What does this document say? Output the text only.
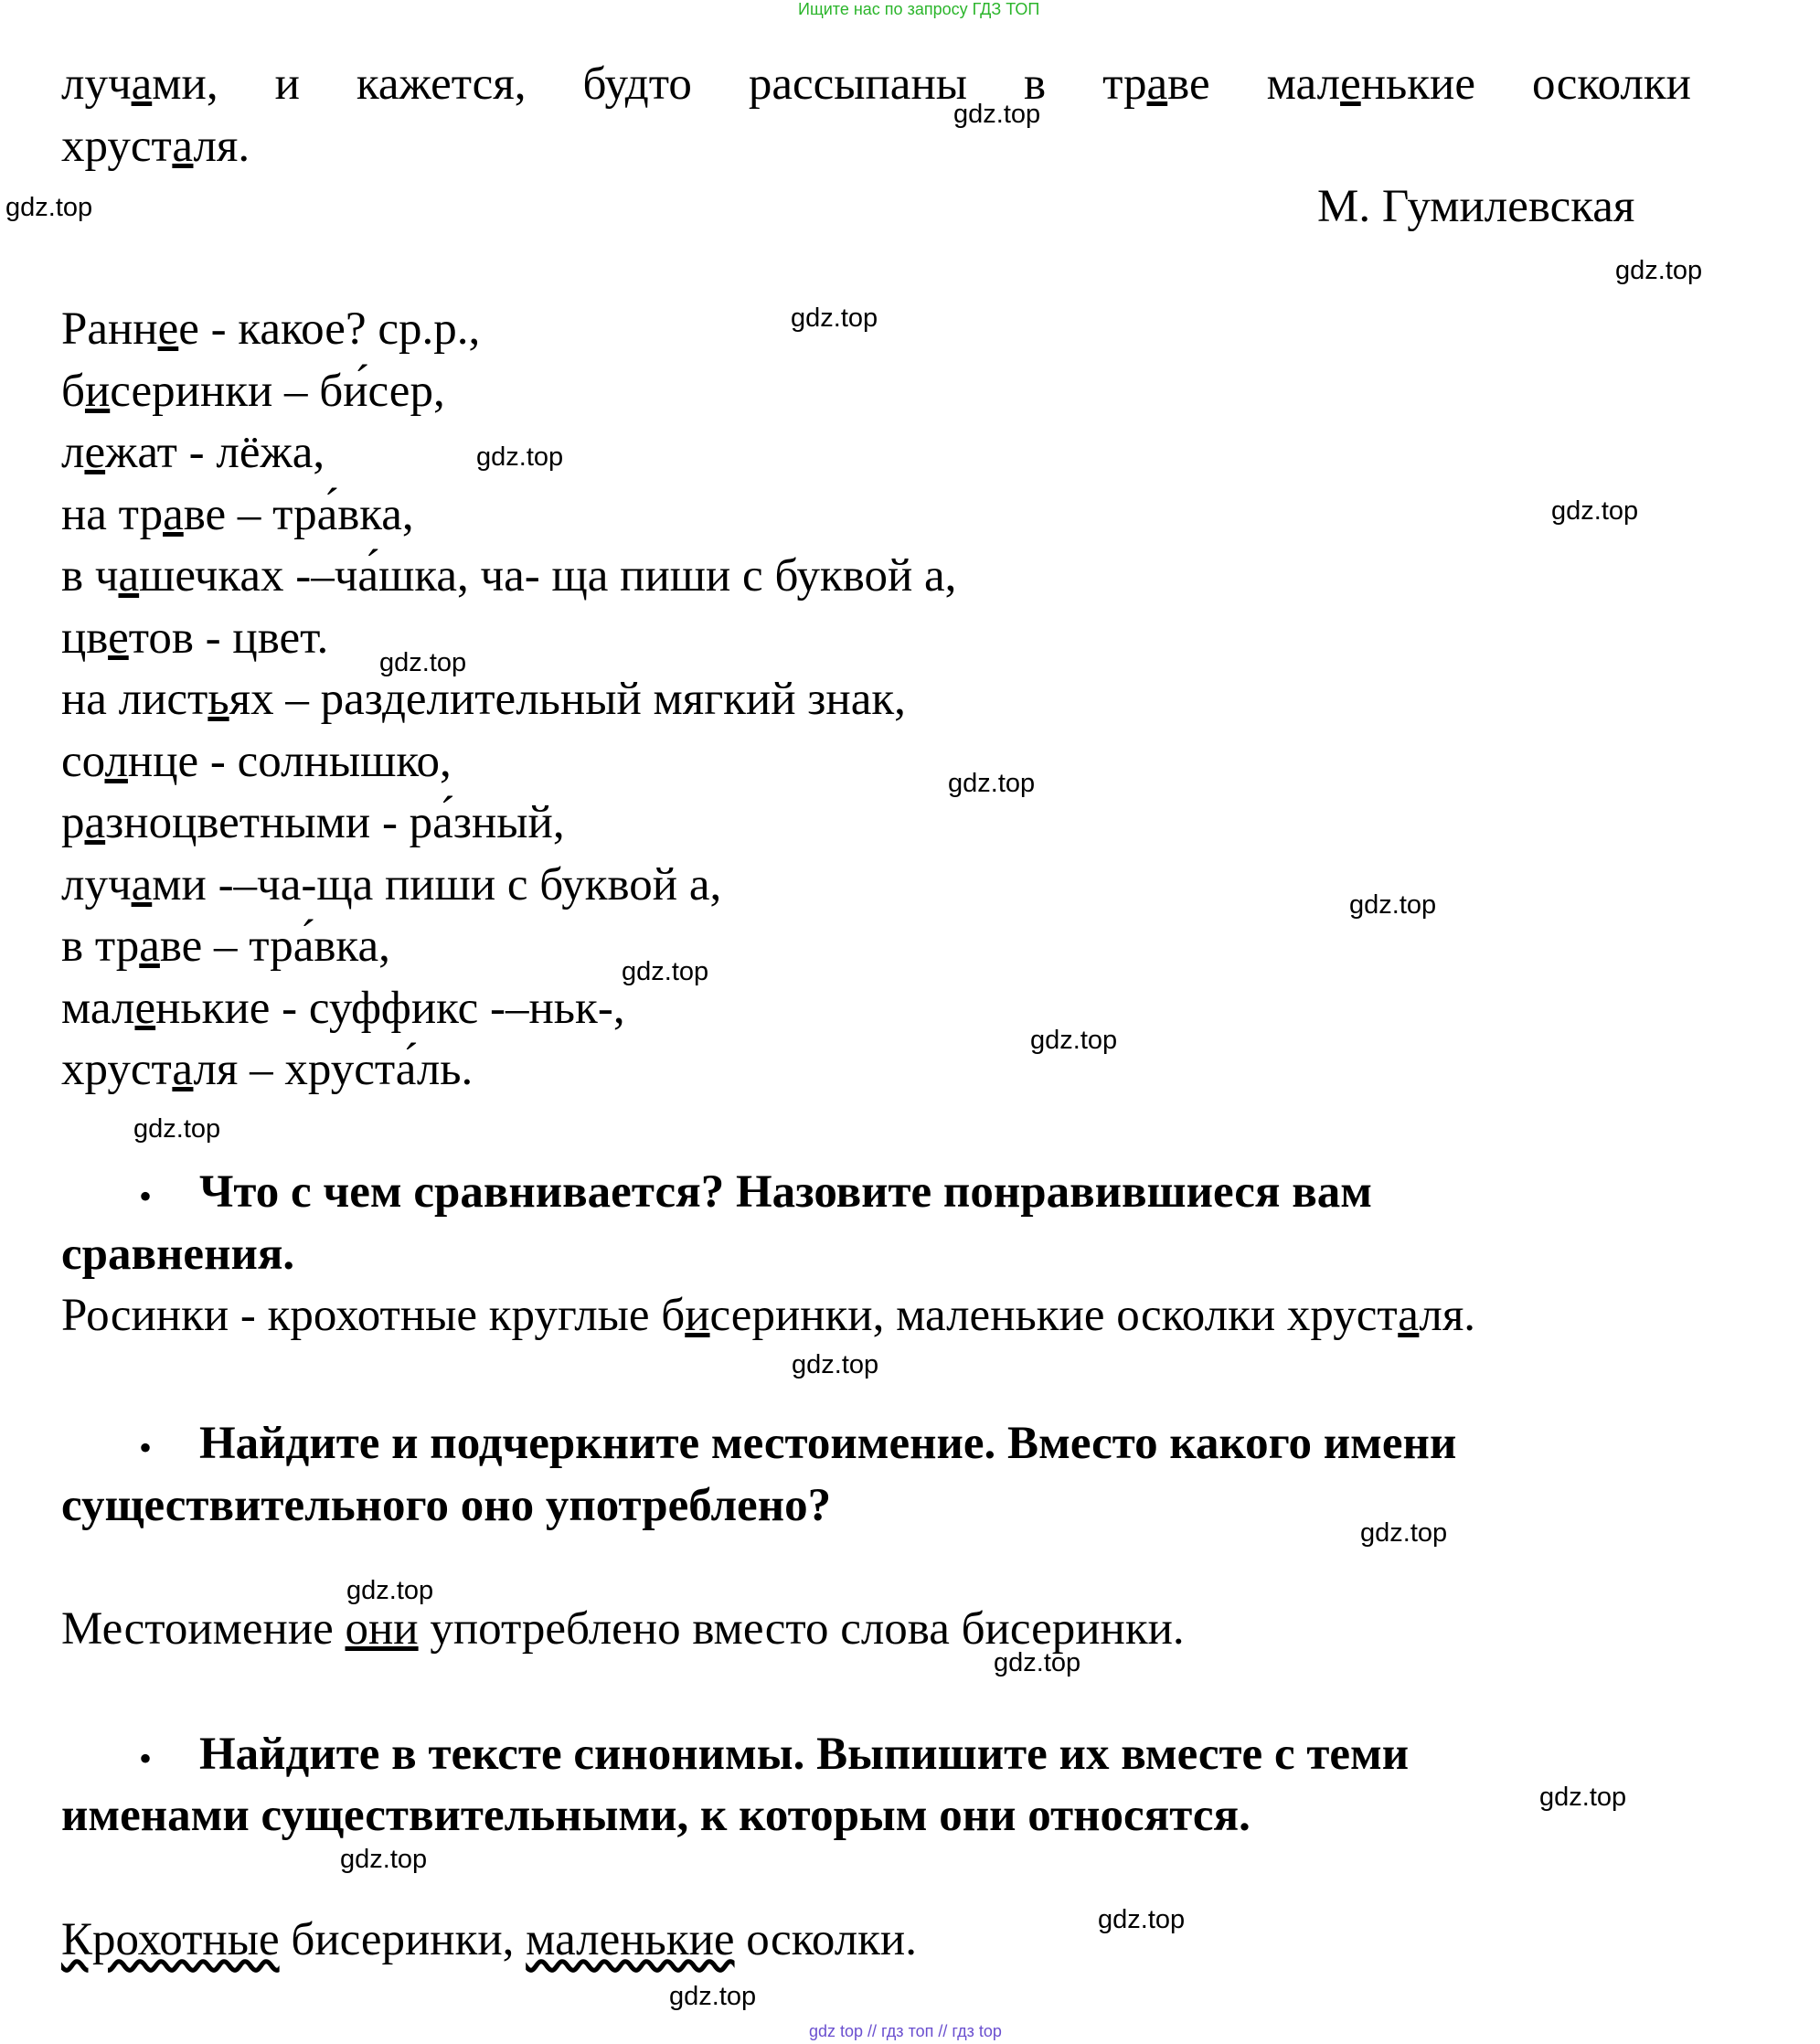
Ищите нас по запросу ГДЗ ТОП
лучами, и кажется, будто рассыпаны в траве маленькие осколки
хрусталя.
М. Гумилевская
Раннее - какое? ср.р.,
бисеринки – би́сер,
лежат - лёжа,
на траве – тра́вка,
в чашечках -–ча́шка, ча- ща пиши с буквой а,
цветов - цвет.
на листьях – разделительный мягкий знак,
солнце - солнышко,
разноцветными - ра́зный,
лучами -–ча-ща пиши с буквой а,
в траве – тра́вка,
маленькие - суффикс -–ньк-,
хрусталя – хруста́ль.
• Что с чем сравнивается? Назовите понравившиеся вам
сравнения.
Росинки - крохотные круглые бисеринки, маленькие осколки хрусталя.
• Найдите и подчеркните местоимение. Вместо какого имени
существительного оно употреблено?
Местоимение они употреблено вместо слова бисеринки.
• Найдите в тексте синонимы. Выпишите их вместе с теми
именами существительными, к которым они относятся.
Крохотные бисеринки, маленькие осколки.
gdz.top
gdz.top
gdz.top
gdz.top
gdz.top
gdz.top
gdz.top
gdz.top
gdz.top
gdz.top
gdz.top
gdz.top
gdz.top
gdz.top
gdz.top
gdz.top
gdz.top
gdz.top
gdz.top
gdz.top
gdz top // гдз топ // гдз top
